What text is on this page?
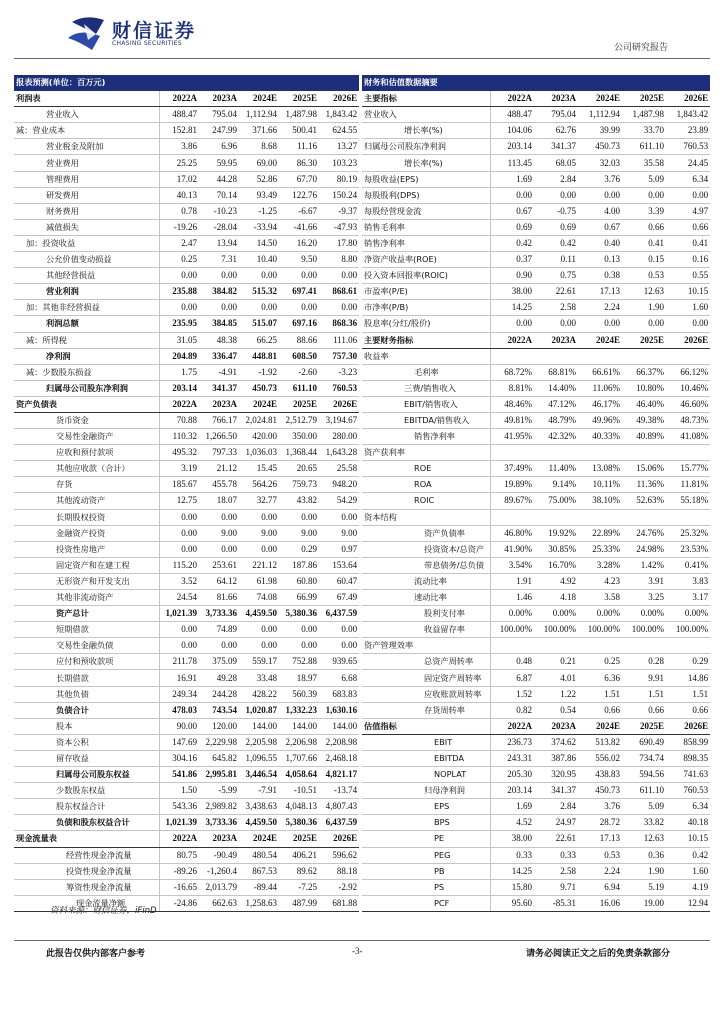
财信证券
CHASING SECURITIES	公司研究报告
报表预测(单位：百万元)					
利润表	2022A	2023A	2024E	2025E	2026E
营业收入	488.47	795.04	1,112.94	1,487.98	1,843.42
减：营业成本	152.81	247.99	371.66	500.41	624.55
营业税金及附加	3.86	6.96	8.68	11.16	13.27
营业费用	25.25	59.95	69.00	86.30	103.23
管理费用	17.02	44.28	52.86	67.70	80.19
研发费用	40.13	70.14	93.49	122.76	150.24
财务费用	0.78	-10.23	-1.25	-6.67	-9.37
减值损失	-19.26	-28.04	-33.94	-41.66	-47.93
加：投资收益	2.47	13.94	14.50	16.20	17.80
公允价值变动损益	0.25	7.31	10.40	9.50	8.80
其他经营损益	0.00	0.00	0.00	0.00	0.00
营业利润	235.88	384.82	515.32	697.41	868.61
加：其他非经营损益	0.00	0.00	0.00	0.00	0.00
利润总额	235.95	384.85	515.07	697.16	868.36
减：所得税	31.05	48.38	66.25	88.66	111.06
净利润	204.89	336.47	448.81	608.50	757.30
减：少数股东损益	1.75	-4.91	-1.92	-2.60	-3.23
归属母公司股东净利润	203.14	341.37	450.73	611.10	760.53
资产负债表	2022A	2023A	2024E	2025E	2026E
货币资金	70.88	766.17	2,024.81	2,512.79	3,194.67
交易性金融资产	110.32	1,266.50	420.00	350.00	280.00
应收和预付款项	495.32	797.33	1,036.03	1,368.44	1,643.28
其他应收款（合计）	3.19	21.12	15.45	20.65	25.58
存货	185.67	455.78	564.26	759.73	948.20
其他流动资产	12.75	18.07	32.77	43.82	54.29
长期股权投资	0.00	0.00	0.00	0.00	0.00
金融资产投资	0.00	9.00	9.00	9.00	9.00
投资性房地产	0.00	0.00	0.00	0.29	0.97
固定资产和在建工程	115.20	253.61	221.12	187.86	153.64
无形资产和开发支出	3.52	64.12	61.98	60.80	60.47
其他非流动资产	24.54	81.66	74.08	66.99	67.49
资产总计	1,021.39	3,733.36	4,459.50	5,380.36	6,437.59
短期借款	0.00	74.89	0.00	0.00	0.00
交易性金融负债	0.00	0.00	0.00	0.00	0.00
应付和预收款项	211.78	375.09	559.17	752.88	939.65
长期借款	16.91	49.28	33.48	18.97	6.68
其他负债	249.34	244.28	428.22	560.39	683.83
负债合计	478.03	743.54	1,020.87	1,332.23	1,630.16
股本	90.00	120.00	144.00	144.00	144.00
资本公积	147.69	2,229.98	2,205.98	2,206.98	2,208.98
留存收益	304.16	645.82	1,096.55	1,707.66	2,468.18
归属母公司股东权益	541.86	2,995.81	3,446.54	4,058.64	4,821.17
少数股东权益	1.50	-5.99	-7.91	-10.51	-13.74
股东权益合计	543.36	2,989.82	3,438.63	4,048.13	4,807.43
负债和股东权益合计	1,021.39	3,733.36	4,459.50	5,380.36	6,437.59
现金流量表	2022A	2023A	2024E	2025E	2026E
经营性现金净流量	80.75	-90.49	480.54	406.21	596.62
投资性现金净流量	-89.26	-1,260.4	867.53	89.62	88.18
筹资性现金净流量	-16.65	2,013.79	-89.44	-7.25	-2.92
现金流量净额	-24.86	662.63	1,258.63	487.99	681.88
财务和估值数据摘要					
主要指标	2022A	2023A	2024E	2025E	2026E
营业收入	488.47	795.04	1,112.94	1,487.98	1,843.42
增长率(%)	104.06	62.76	39.99	33.70	23.89
归属母公司股东净利润	203.14	341.37	450.73	611.10	760.53
增长率(%)	113.45	68.05	32.03	35.58	24.45
每股收益(EPS)	1.69	2.84	3.76	5.09	6.34
每股股利(DPS)	0.00	0.00	0.00	0.00	0.00
每股经营现金流	0.67	-0.75	4.00	3.39	4.97
销售毛利率	0.69	0.69	0.67	0.66	0.66
销售净利率	0.42	0.42	0.40	0.41	0.41
净资产收益率(ROE)	0.37	0.11	0.13	0.15	0.16
投入资本回报率(ROIC)	0.90	0.75	0.38	0.53	0.55
市盈率(P/E)	38.00	22.61	17.13	12.63	10.15
市净率(P/B)	14.25	2.58	2.24	1.90	1.60
股息率(分红/股价)	0.00	0.00	0.00	0.00	0.00
主要财务指标	2022A	2023A	2024E	2025E	2026E
收益率					
毛利率	68.72%	68.81%	66.61%	66.37%	66.12%
三费/销售收入	8.81%	14.40%	11.06%	10.80%	10.46%
EBIT/销售收入	48.46%	47.12%	46.17%	46.40%	46.60%
EBITDA/销售收入	49.81%	48.79%	49.96%	49.38%	48.73%
销售净利率	41.95%	42.32%	40.33%	40.89%	41.08%
资产获利率					
ROE	37.49%	11.40%	13.08%	15.06%	15.77%
ROA	19.89%	9.14%	10.11%	11.36%	11.81%
ROIC	89.67%	75.00%	38.10%	52.63%	55.18%
资本结构					
资产负债率	46.80%	19.92%	22.89%	24.76%	25.32%
投资资本/总资产	41.90%	30.85%	25.33%	24.98%	23.53%
带息债务/总负债	3.54%	16.70%	3.28%	1.42%	0.41%
流动比率	1.91	4.92	4.23	3.91	3.83
速动比率	1.46	4.18	3.58	3.25	3.17
股利支付率	0.00%	0.00%	0.00%	0.00%	0.00%
收益留存率	100.00%	100.00%	100.00%	100.00%	100.00%
资产管理效率					
总资产周转率	0.48	0.21	0.25	0.28	0.29
固定资产周转率	6.87	4.01	6.36	9.91	14.86
应收账款周转率	1.52	1.22	1.51	1.51	1.51
存货周转率	0.82	0.54	0.66	0.66	0.66
估值指标	2022A	2023A	2024E	2025E	2026E
EBIT	236.73	374.62	513.82	690.49	858.99
EBITDA	243.31	387.86	556.02	734.74	898.35
NOPLAT	205.30	320.95	438.83	594.56	741.63
归母净利润	203.14	341.37	450.73	611.10	760.53
EPS	1.69	2.84	3.76	5.09	6.34
BPS	4.52	24.97	28.72	33.82	40.18
PE	38.00	22.61	17.13	12.63	10.15
PEG	0.33	0.33	0.53	0.36	0.42
PB	14.25	2.58	2.24	1.90	1.60
PS	15.80	9.71	6.94	5.19	4.19
PCF	95.60	-85.31	16.06	19.00	12.94
资料来源：财信证券，iFinD
此报告仅供内部客户参考	-3-	请务必阅读正文之后的免责条款部分
